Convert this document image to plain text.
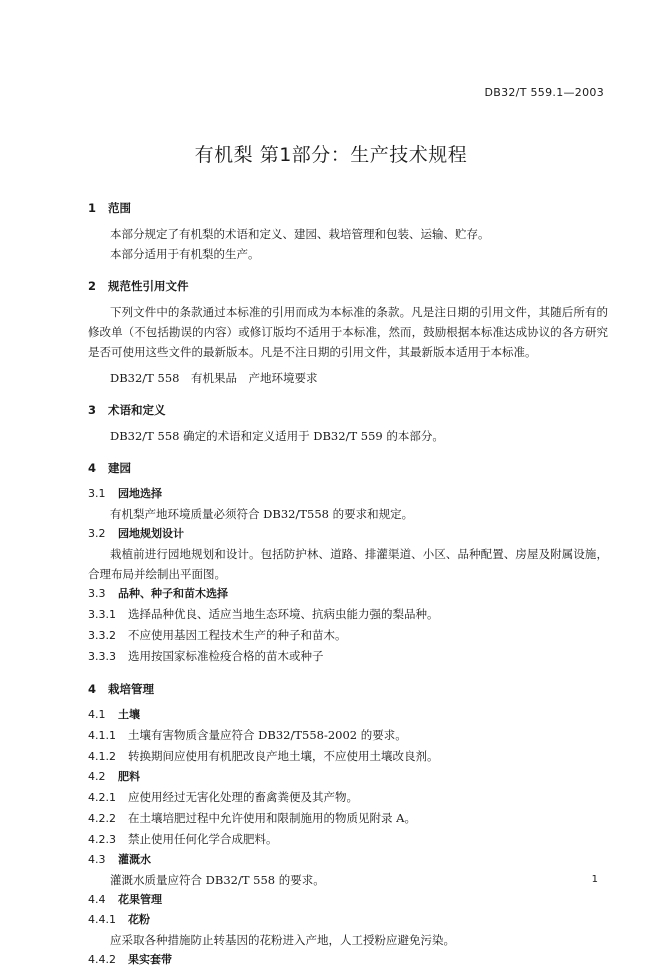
DB32/T 559.1—2003
有机梨 第1部分：生产技术规程
1 范围
本部分规定了有机梨的术语和定义、建园、栽培管理和包装、运输、贮存。
本部分适用于有机梨的生产。
2 规范性引用文件
下列文件中的条款通过本标准的引用而成为本标准的条款。凡是注日期的引用文件，其随后所有的修改单（不包括勘误的内容）或修订版均不适用于本标准，然而，鼓励根据本标准达成协议的各方研究是否可使用这些文件的最新版本。凡是不注日期的引用文件，其最新版本适用于本标准。
DB32/T 558　有机果品　产地环境要求
3 术语和定义
DB32/T 558 确定的术语和定义适用于 DB32/T 559 的本部分。
4 建园
3.1 园地选择
有机梨产地环境质量必须符合 DB32/T558 的要求和规定。
3.2 园地规划设计
栽植前进行园地规划和设计。包括防护林、道路、排灌渠道、小区、品种配置、房屋及附属设施，合理布局并绘制出平面图。
3.3 品种、种子和苗木选择
3.3.1 选择品种优良、适应当地生态环境、抗病虫能力强的梨品种。
3.3.2 不应使用基因工程技术生产的种子和苗木。
3.3.3 选用按国家标准检疫合格的苗木或种子
4 栽培管理
4.1 土壤
4.1.1 土壤有害物质含量应符合 DB32/T558-2002 的要求。
4.1.2 转换期间应使用有机肥改良产地土壤，不应使用土壤改良剂。
4.2 肥料
4.2.1 应使用经过无害化处理的畜禽粪便及其产物。
4.2.2 在土壤培肥过程中允许使用和限制施用的物质见附录 A。
4.2.3 禁止使用任何化学合成肥料。
4.3 灌溉水
灌溉水质量应符合 DB32/T 558 的要求。
4.4 花果管理
4.4.1 花粉
应采取各种措施防止转基因的花粉进入产地，人工授粉应避免污染。
4.4.2 果实套带
1
